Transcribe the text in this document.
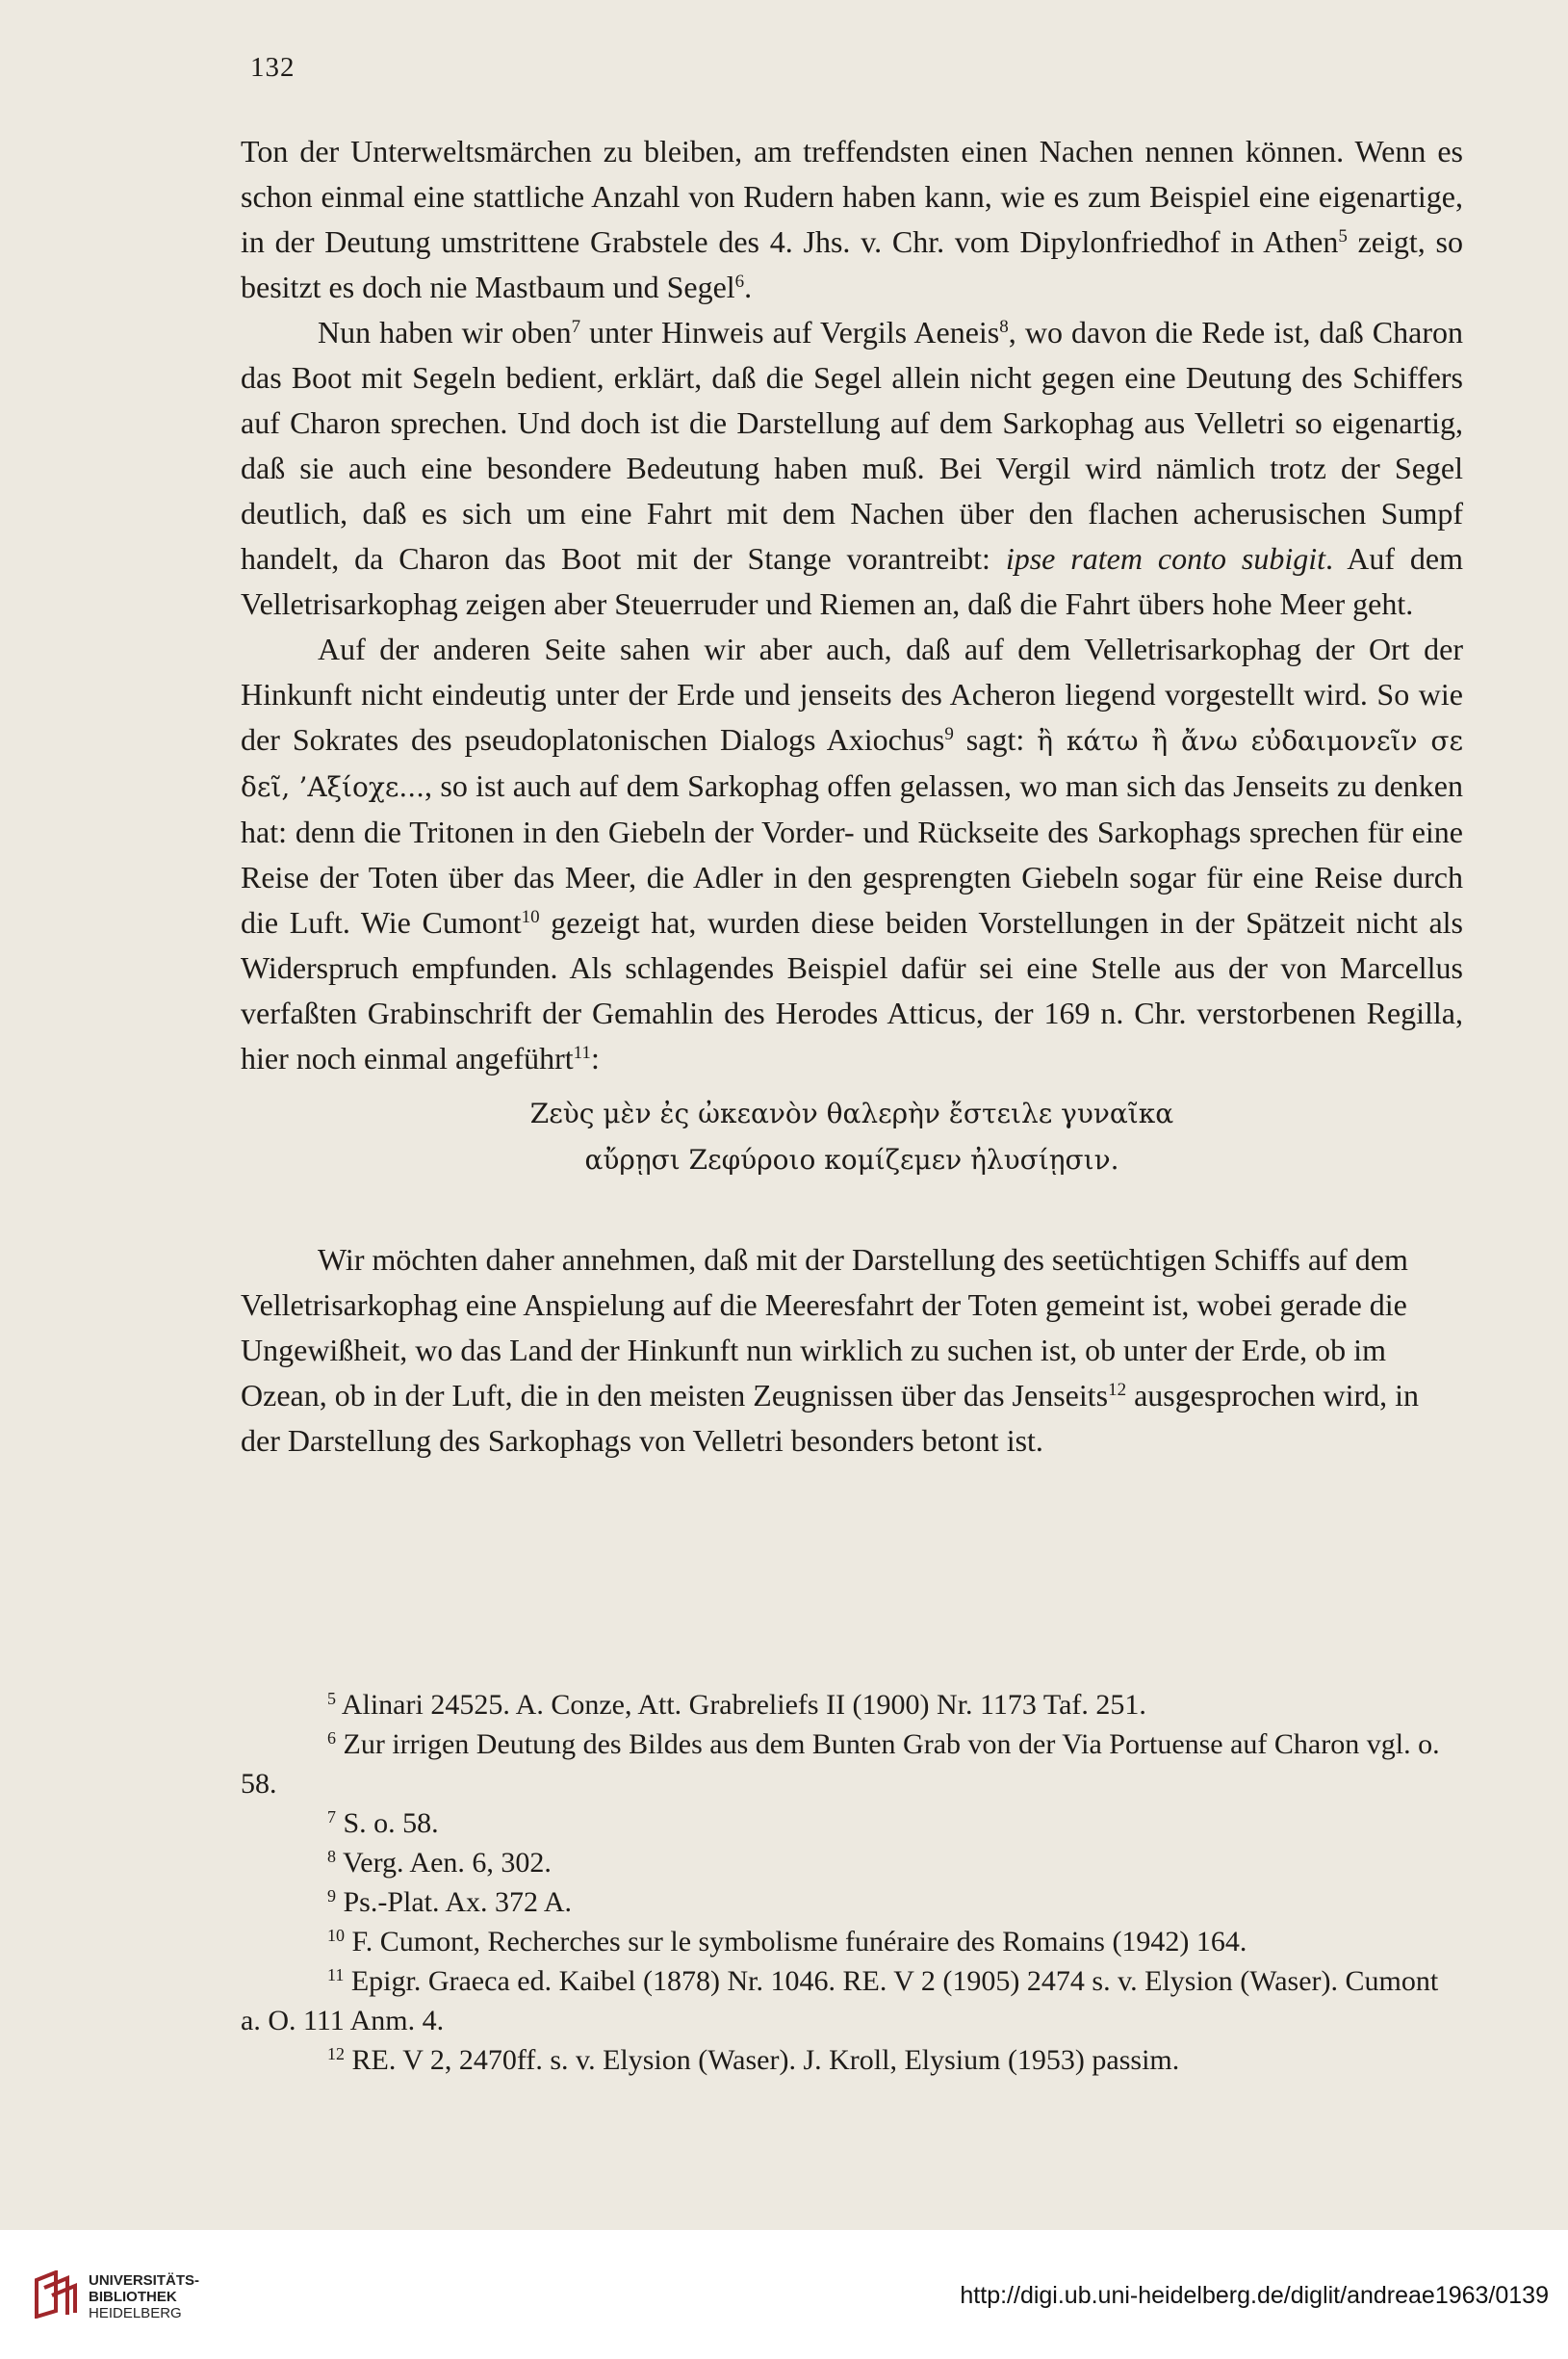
132

Ton der Unterweltsmärchen zu bleiben, am treffendsten einen Nachen nennen können. Wenn es schon einmal eine stattliche Anzahl von Rudern haben kann, wie es zum Beispiel eine eigenartige, in der Deutung umstrittene Grabstele des 4. Jhs. v. Chr. vom Dipylonfriedhof in Athen$^5$ zeigt, so besitzt es doch nie Mastbaum und Segel$^6$.

Nun haben wir oben$^7$ unter Hinweis auf Vergils Aeneis$^8$, wo davon die Rede ist, daß Charon das Boot mit Segeln bedient, erklärt, daß die Segel allein nicht gegen eine Deutung des Schiffers auf Charon sprechen. Und doch ist die Darstellung auf dem Sarkophag aus Velletri so eigenartig, daß sie auch eine besondere Bedeutung haben muß. Bei Vergil wird nämlich trotz der Segel deutlich, daß es sich um eine Fahrt mit dem Nachen über den flachen acherusischen Sumpf handelt, da Charon das Boot mit der Stange vorantreibt: ipse ratem conto subigit. Auf dem Velletrisarkophag zeigen aber Steuerruder und Riemen an, daß die Fahrt übers hohe Meer geht.

Auf der anderen Seite sahen wir aber auch, daß auf dem Velletrisarkophag der Ort der Hinkunft nicht eindeutig unter der Erde und jenseits des Acheron liegend vorgestellt wird. So wie der Sokrates des pseudoplatonischen Dialogs Axiochus$^9$ sagt: ἢ κάτω ἢ ἄνω εὐδαιμονεῖν σε δεῖ, ’Αξίοχε..., so ist auch auf dem Sarkophag offen gelassen, wo man sich das Jenseits zu denken hat: denn die Tritonen in den Giebeln der Vorder- und Rückseite des Sarkophags sprechen für eine Reise der Toten über das Meer, die Adler in den gesprengten Giebeln sogar für eine Reise durch die Luft. Wie Cumont$^{10}$ gezeigt hat, wurden diese beiden Vorstellungen in der Spätzeit nicht als Widerspruch empfunden. Als schlagendes Beispiel dafür sei eine Stelle aus der von Marcellus verfaßten Grabinschrift der Gemahlin des Herodes Atticus, der 169 n. Chr. verstorbenen Regilla, hier noch einmal angeführt$^{11}$:

Ζεὺς μὲν ἐς ὠκεανὸν θαλερὴν ἔστειλε γυναῖκα
αὔρῃσι Ζεφύροιο κομίζεμεν ἠλυσίῃσιν.

Wir möchten daher annehmen, daß mit der Darstellung des seetüchtigen Schiffs auf dem Velletrisarkophag eine Anspielung auf die Meeresfahrt der Toten gemeint ist, wobei gerade die Ungewißheit, wo das Land der Hinkunft nun wirklich zu suchen ist, ob unter der Erde, ob im Ozean, ob in der Luft, die in den meisten Zeugnissen über das Jenseits$^{12}$ ausgesprochen wird, in der Darstellung des Sarkophags von Velletri besonders betont ist.

$^5$ Alinari 24525. A. Conze, Att. Grabreliefs II (1900) Nr. 1173 Taf. 251.

$^6$ Zur irrigen Deutung des Bildes aus dem Bunten Grab von der Via Portuense auf Charon vgl. o. 58.

$^7$ S. o. 58.

$^8$ Verg. Aen. 6, 302.

$^9$ Ps.-Plat. Ax. 372 A.

$^{10}$ F. Cumont, Recherches sur le symbolisme funéraire des Romains (1942) 164.

$^{11}$ Epigr. Graeca ed. Kaibel (1878) Nr. 1046. RE. V 2 (1905) 2474 s. v. Elysion (Waser). Cumont a. O. 111 Anm. 4.

$^{12}$ RE. V 2, 2470ff. s. v. Elysion (Waser). J. Kroll, Elysium (1953) passim.

UNIVERSITÄTS-
BIBLIOTHEK
HEIDELBERG
http://digi.ub.uni-heidelberg.de/diglit/andreae1963/0139
